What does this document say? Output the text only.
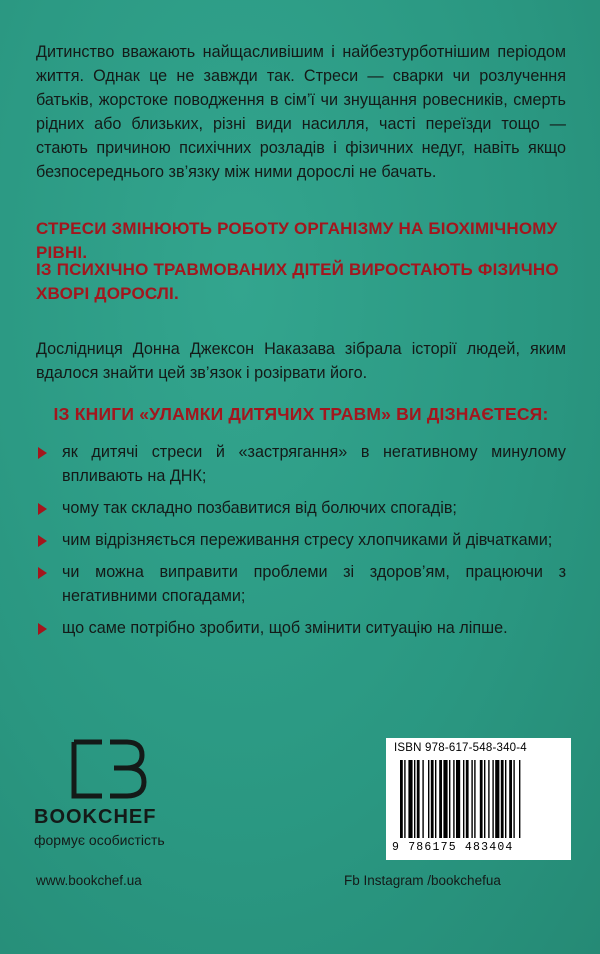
Дитинство вважають найщасливішим і найбезтурботнішим періодом життя. Однак це не завжди так. Стреси — сварки чи розлучення батьків, жорстоке поводження в сім’ї чи знущання ровесників, смерть рідних або близьких, різні види насилля, часті переїзди тощо — стають причиною психічних розладів і фізичних недуг, навіть якщо безпосереднього зв’язку між ними дорослі не бачать.

СТРЕСИ ЗМІНЮЮТЬ РОБОТУ ОРГАНІЗМУ НА БІОХІМІЧНОМУ РІВНІ.

ІЗ ПСИХІЧНО ТРАВМОВАНИХ ДІТЕЙ ВИРОСТАЮТЬ ФІЗИЧНО ХВОРІ ДОРОСЛІ.

Дослідниця Донна Джексон Наказава зібрала історії людей, яким вдалося знайти цей зв’язок і розірвати його.

ІЗ КНИГИ «УЛАМКИ ДИТЯЧИХ ТРАВМ» ВИ ДІЗНАЄТЕСЯ:

як дитячі стреси й «застрягання» в негативному минулому впливають на ДНК;
чому так складно позбавитися від болючих спогадів;
чим відрізняється переживання стресу хлопчиками й дівчатками;
чи можна виправити проблеми зі здоров’ям, працюючи з негативними спогадами;
що саме потрібно зробити, щоб змінити ситуацію на ліпше.

BOOKCHEF

формує особистість

www.bookchef.ua	Fb Instagram /bookchefua

ISBN 978-617-548-340-4

9 786175 483404
